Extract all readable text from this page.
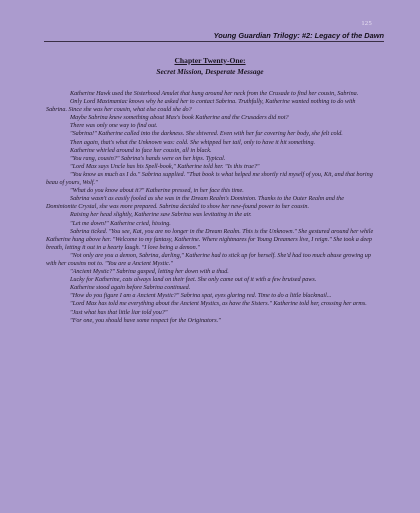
125
Young Guardian Trilogy: #2: Legacy of the Dawn
Chapter Twenty-One:
Secret Mission, Desperate Message

Katherine Hawk used the Sisterhood Amulet that hung around her neck from the Crusade to find her cousin, Sabrina.

Only Lord Maximaniac knows why he asked her to contact Sabrina. Truthfully, Katherine wanted nothing to do with Sabrina. Since she was her cousin, what else could she do?

Maybe Sabrina knew something about Max's book Katherine and the Crusaders did not?

There was only one way to find out.

"Sabrina!" Katherine called into the darkness. She shivered. Even with her fur covering her body, she felt cold.

Then again, that's what the Unknown was: cold. She whipped her tail, only to have it hit something.

Katherine whirled around to face her cousin, all in black.

"You rang, cousin?" Sabrina's hands were on her hips. Typical.

"Lord Max says Uncle has his Spell-book," Katherine told her. "Is this true?"

"You know as much as I do." Sabrina supplied. "That book is what helped me shortly rid myself of you, Kit, and that boring beau of yours, Wolf."

"What do you know about it?" Katherine pressed, in her face this time.

Sabrina wasn't as easily fooled as she was in the Dream Realm's Dominion. Thanks to the Outer Realm and the Dominionite Crystal, she was more prepared. Sabrina decided to show her new-found power to her cousin.

Raising her head slightly, Katherine saw Sabrina was levitating in the air.

"Let me down!" Katherine cried, hissing.

Sabrina ticked. "You see, Kat, you are no longer in the Dream Realm. This is the Unknown." She gestured around her while Katherine hung above her. "Welcome to my fantasy, Katherine. Where nightmares for Young Dreamers live, I reign." She took a deep breath, letting it out in a hearty laugh. "I love being a demon."

"Not only are you a demon, Sabrina, darling," Katherine had to stick up for herself. She'd had too much abuse growing up with her cousins not to. "You are a Ancient Mystic."

"Ancient Mystic?" Sabrina gasped, letting her down with a thud.

Lucky for Katherine, cats always land on their feet. She only came out of it with a few bruised paws.

Katherine stood again before Sabrina continued.

"How do you figure I am a Ancient Mystic?" Sabrina spat, eyes glaring red. Time to do a little blackmail...

"Lord Max has told me everything about the Ancient Mystics, as have the Sisters." Katherine told her, crossing her arms.

"Just what has that little liar told you?"

"For one, you should have some respect for the Originators."
